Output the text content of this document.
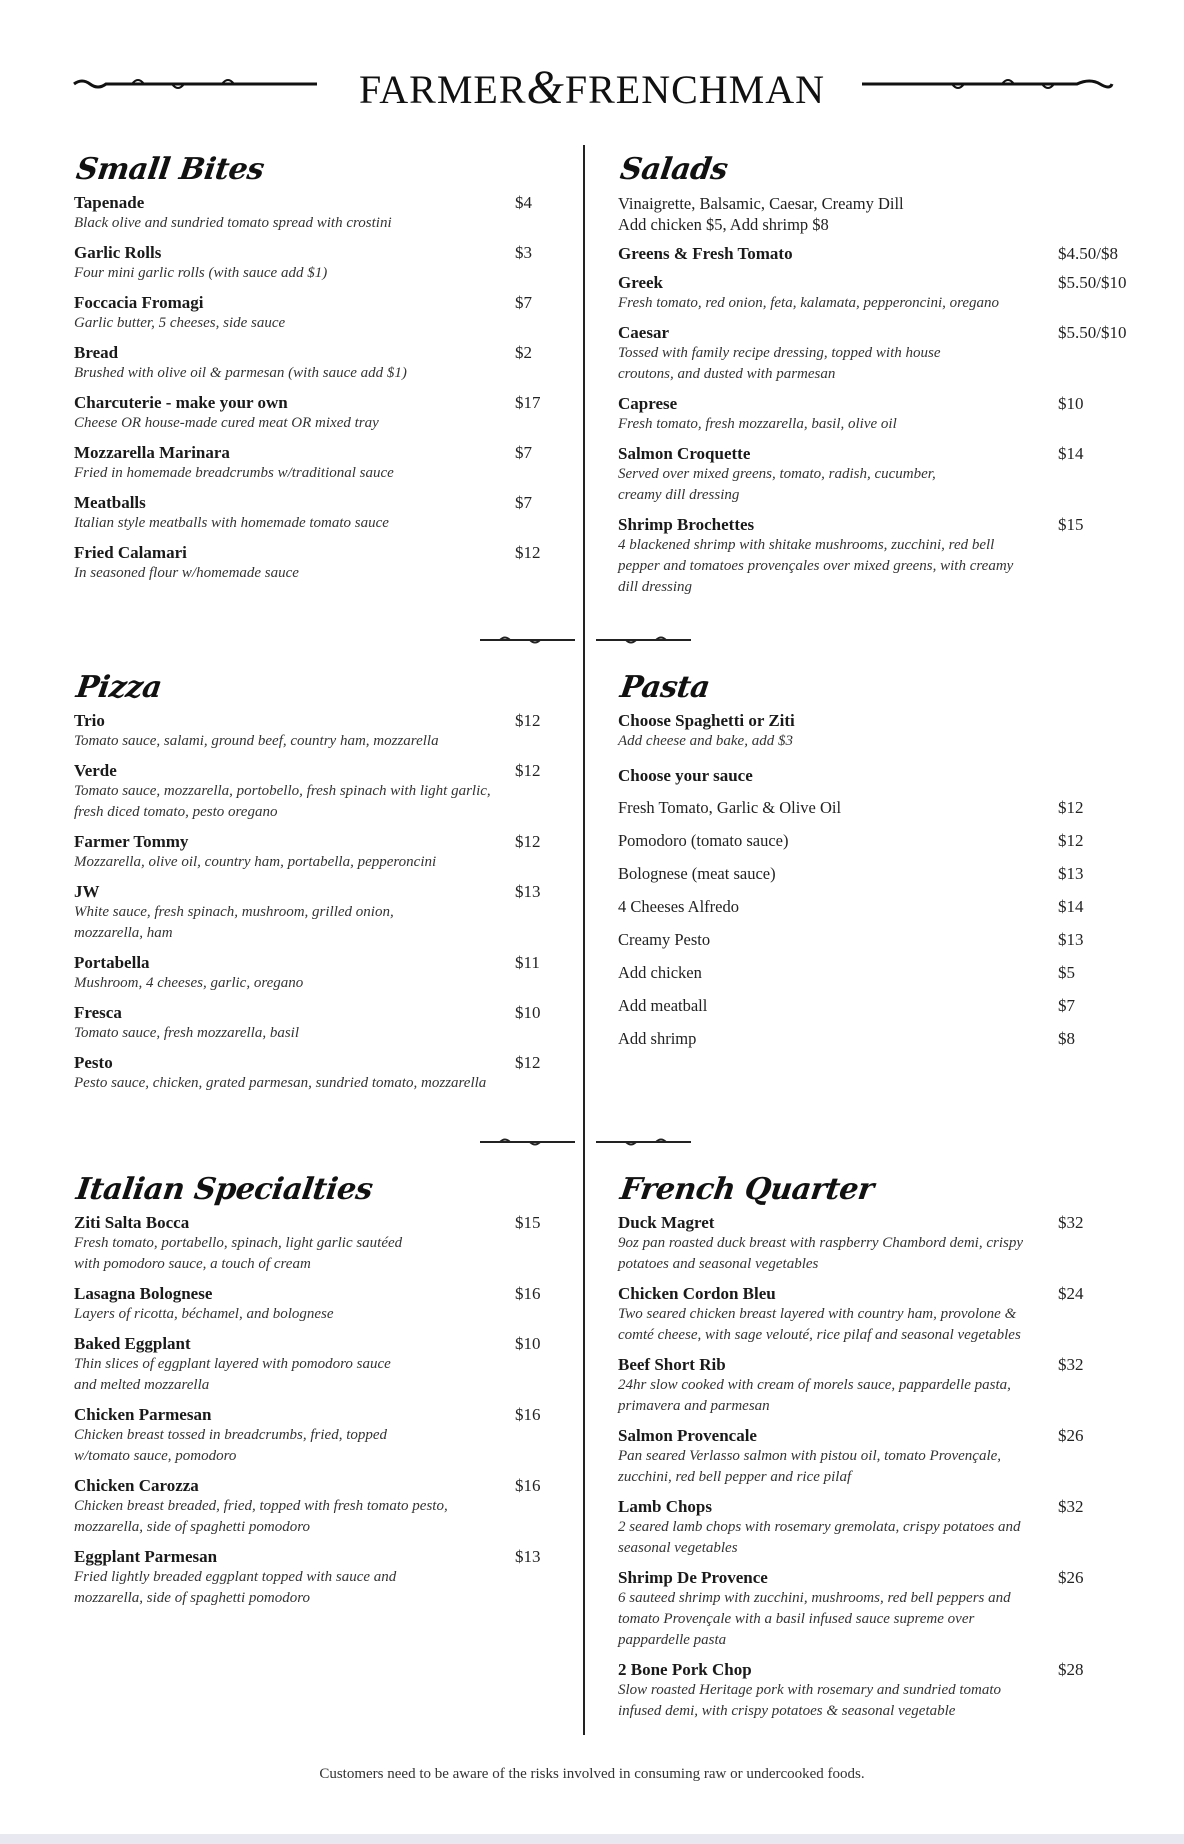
FARMER&FRENCHMAN
Small Bites
Tapenade	$4
Black olive and sundried tomato spread with crostini
Garlic Rolls	$3
Four mini garlic rolls (with sauce add $1)
Foccacia Fromagi	$7
Garlic butter, 5 cheeses, side sauce
Bread	$2
Brushed with olive oil & parmesan (with sauce add $1)
Charcuterie - make your own	$17
Cheese OR house-made cured meat OR mixed tray
Mozzarella Marinara	$7
Fried in homemade breadcrumbs w/traditional sauce
Meatballs	$7
Italian style meatballs with homemade tomato sauce
Fried Calamari	$12
In seasoned flour w/homemade sauce
Salads
Vinaigrette, Balsamic, Caesar, Creamy Dill
Add chicken $5, Add shrimp $8
Greens & Fresh Tomato	$4.50/$8
Greek	$5.50/$10
Fresh tomato, red onion, feta, kalamata, pepperoncini, oregano
Caesar	$5.50/$10
Tossed with family recipe dressing, topped with house croutons, and dusted with parmesan
Caprese	$10
Fresh tomato, fresh mozzarella, basil, olive oil
Salmon Croquette	$14
Served over mixed greens, tomato, radish, cucumber, creamy dill dressing
Shrimp Brochettes	$15
4 blackened shrimp with shitake mushrooms, zucchini, red bell pepper and tomatoes provençales over mixed greens, with creamy dill dressing
Pizza
Trio	$12
Tomato sauce, salami, ground beef, country ham, mozzarella
Verde	$12
Tomato sauce, mozzarella, portobello, fresh spinach with light garlic, fresh diced tomato, pesto oregano
Farmer Tommy	$12
Mozzarella, olive oil, country ham, portabella, pepperoncini
JW	$13
White sauce, fresh spinach, mushroom, grilled onion, mozzarella, ham
Portabella	$11
Mushroom, 4 cheeses, garlic, oregano
Fresca	$10
Tomato sauce, fresh mozzarella, basil
Pesto	$12
Pesto sauce, chicken, grated parmesan, sundried tomato, mozzarella
Pasta
Choose Spaghetti or Ziti
Add cheese and bake, add $3
Choose your sauce
Fresh Tomato, Garlic & Olive Oil	$12
Pomodoro (tomato sauce)	$12
Bolognese (meat sauce)	$13
4 Cheeses Alfredo	$14
Creamy Pesto	$13
Add chicken	$5
Add meatball	$7
Add shrimp	$8
Italian Specialties
Ziti Salta Bocca	$15
Fresh tomato, portabello, spinach, light garlic sautéed with pomodoro sauce, a touch of cream
Lasagna Bolognese	$16
Layers of ricotta, béchamel, and bolognese
Baked Eggplant	$10
Thin slices of eggplant layered with pomodoro sauce and melted mozzarella
Chicken Parmesan	$16
Chicken breast tossed in breadcrumbs, fried, topped w/tomato sauce, pomodoro
Chicken Carozza	$16
Chicken breast breaded, fried, topped with fresh tomato pesto, mozzarella, side of spaghetti pomodoro
Eggplant Parmesan	$13
Fried lightly breaded eggplant topped with sauce and mozzarella, side of spaghetti pomodoro
French Quarter
Duck Magret	$32
9oz pan roasted duck breast with raspberry Chambord demi, crispy potatoes and seasonal vegetables
Chicken Cordon Bleu	$24
Two seared chicken breast layered with country ham, provolone & comté cheese, with sage velouté, rice pilaf and seasonal vegetables
Beef Short Rib	$32
24hr slow cooked with cream of morels sauce, pappardelle pasta, primavera and parmesan
Salmon Provencale	$26
Pan seared Verlasso salmon with pistou oil, tomato Provençale, zucchini, red bell pepper and rice pilaf
Lamb Chops	$32
2 seared lamb chops with rosemary gremolata, crispy potatoes and seasonal vegetables
Shrimp De Provence	$26
6 sauteed shrimp with zucchini, mushrooms, red bell peppers and tomato Provençale with a basil infused sauce supreme over pappardelle pasta
2 Bone Pork Chop	$28
Slow roasted Heritage pork with rosemary and sundried tomato infused demi, with crispy potatoes & seasonal vegetable
Customers need to be aware of the risks involved in consuming raw or undercooked foods.
